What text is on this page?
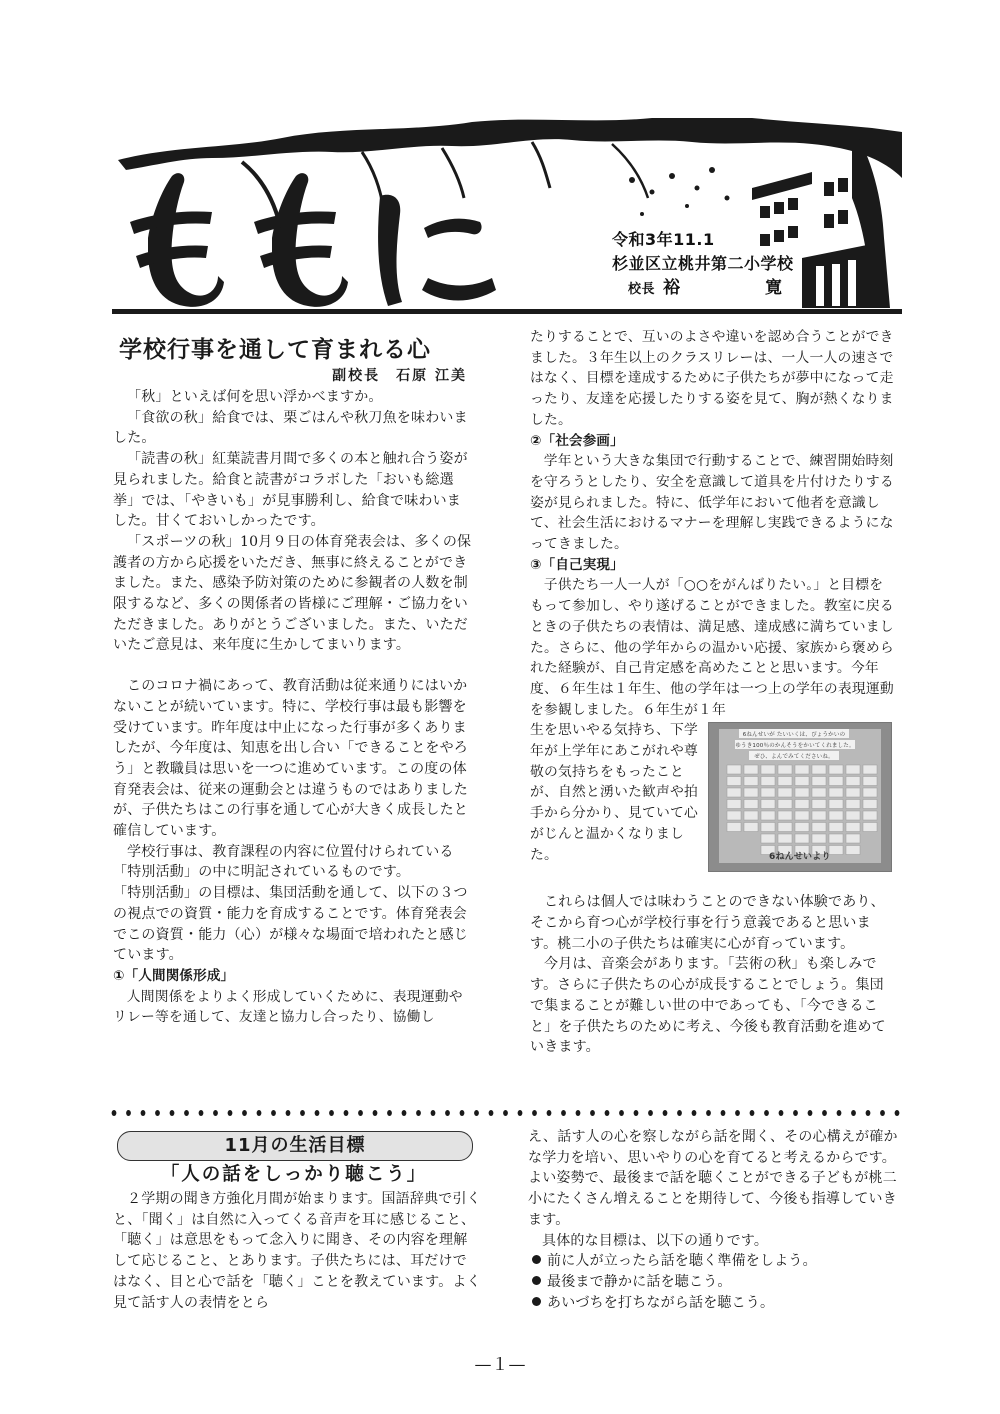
令和3年11.1
杉並区立桃井第二小学校
校長 裕　寛
学校行事を通して育まれる心
副校長　石原 江美

「秋」といえば何を思い浮かべますか。

「食欲の秋」給食では、栗ごはんや秋刀魚を味わいました。

「読書の秋」紅葉読書月間で多くの本と触れ合う姿が見られました。給食と読書がコラボした「おいも総選挙」では、「やきいも」が見事勝利し、給食で味わいました。甘くておいしかったです。

「スポーツの秋」10月９日の体育発表会は、多くの保護者の方から応援をいただき、無事に終えることができました。また、感染予防対策のために参観者の人数を制限するなど、多くの関係者の皆様にご理解・ご協力をいただきました。ありがとうございました。また、いただいたご意見は、来年度に生かしてまいります。

このコロナ禍にあって、教育活動は従来通りにはいかないことが続いています。特に、学校行事は最も影響を受けています。昨年度は中止になった行事が多くありましたが、今年度は、知恵を出し合い「できることをやろう」と教職員は思いを一つに進めています。この度の体育発表会は、従来の運動会とは違うものではありましたが、子供たちはこの行事を通して心が大きく成長したと確信しています。

学校行事は、教育課程の内容に位置付けられている「特別活動」の中に明記されているものです。

「特別活動」の目標は、集団活動を通して、以下の３つの視点での資質・能力を育成することです。体育発表会でこの資質・能力（心）が様々な場面で培われたと感じています。

①「人間関係形成」

人間関係をよりよく形成していくために、表現運動やリレー等を通して、友達と協力し合ったり、協働し

たりすることで、互いのよさや違いを認め合うことができました。３年生以上のクラスリレーは、一人一人の速さではなく、目標を達成するために子供たちが夢中になって走ったり、友達を応援したりする姿を見て、胸が熱くなりました。

②「社会参画」

学年という大きな集団で行動することで、練習開始時刻を守ろうとしたり、安全を意識して道具を片付けたりする姿が見られました。特に、低学年において他者を意識して、社会生活におけるマナーを理解し実践できるようになってきました。

③「自己実現」

子供たち一人一人が「○○をがんばりたい。」と目標をもって参加し、やり遂げることができました。教室に戻るときの子供たちの表情は、満足感、達成感に満ちていました。さらに、他の学年からの温かい応援、家族から褒められた経験が、自己肯定感を高めたことと思います。今年度、６年生は１年生、他の学年は一つ上の学年の表現運動を参観しました。６年生が１年

生を思いやる気持ち、下学年が上学年にあこがれや尊敬の気持ちをもったことが、自然と湧いた歓声や拍手から分かり、見ていて心がじんと温かくなりました。

6ねんせいが たいいくは、ぴょうかいの
ゆうき100％のかんそうをかいてくれました。
ぜひ、よんでみてくださいね。
6ねんせいより

これらは個人では味わうことのできない体験であり、そこから育つ心が学校行事を行う意義であると思います。桃二小の子供たちは確実に心が育っています。

今月は、音楽会があります。「芸術の秋」も楽しみです。さらに子供たちの心が成長することでしょう。集団で集まることが難しい世の中であっても、「今できること」を子供たちのために考え、今後も教育活動を進めていきます。

11月の生活目標
「人の話をしっかり聴こう」

２学期の聞き方強化月間が始まります。国語辞典で引くと、「聞く」は自然に入ってくる音声を耳に感じること、「聴く」は意思をもって念入りに聞き、その内容を理解して応じること、とあります。子供たちには、耳だけではなく、目と心で話を「聴く」ことを教えています。よく見て話す人の表情をとら

え、話す人の心を察しながら話を聞く、その心構えが確かな学力を培い、思いやりの心を育てると考えるからです。よい姿勢で、最後まで話を聴くことができる子どもが桃二小にたくさん増えることを期待して、今後も指導していきます。

具体的な目標は、以下の通りです。

前に人が立ったら話を聴く準備をしよう。
最後まで静かに話を聴こう。
あいづちを打ちながら話を聴こう。
—１—
